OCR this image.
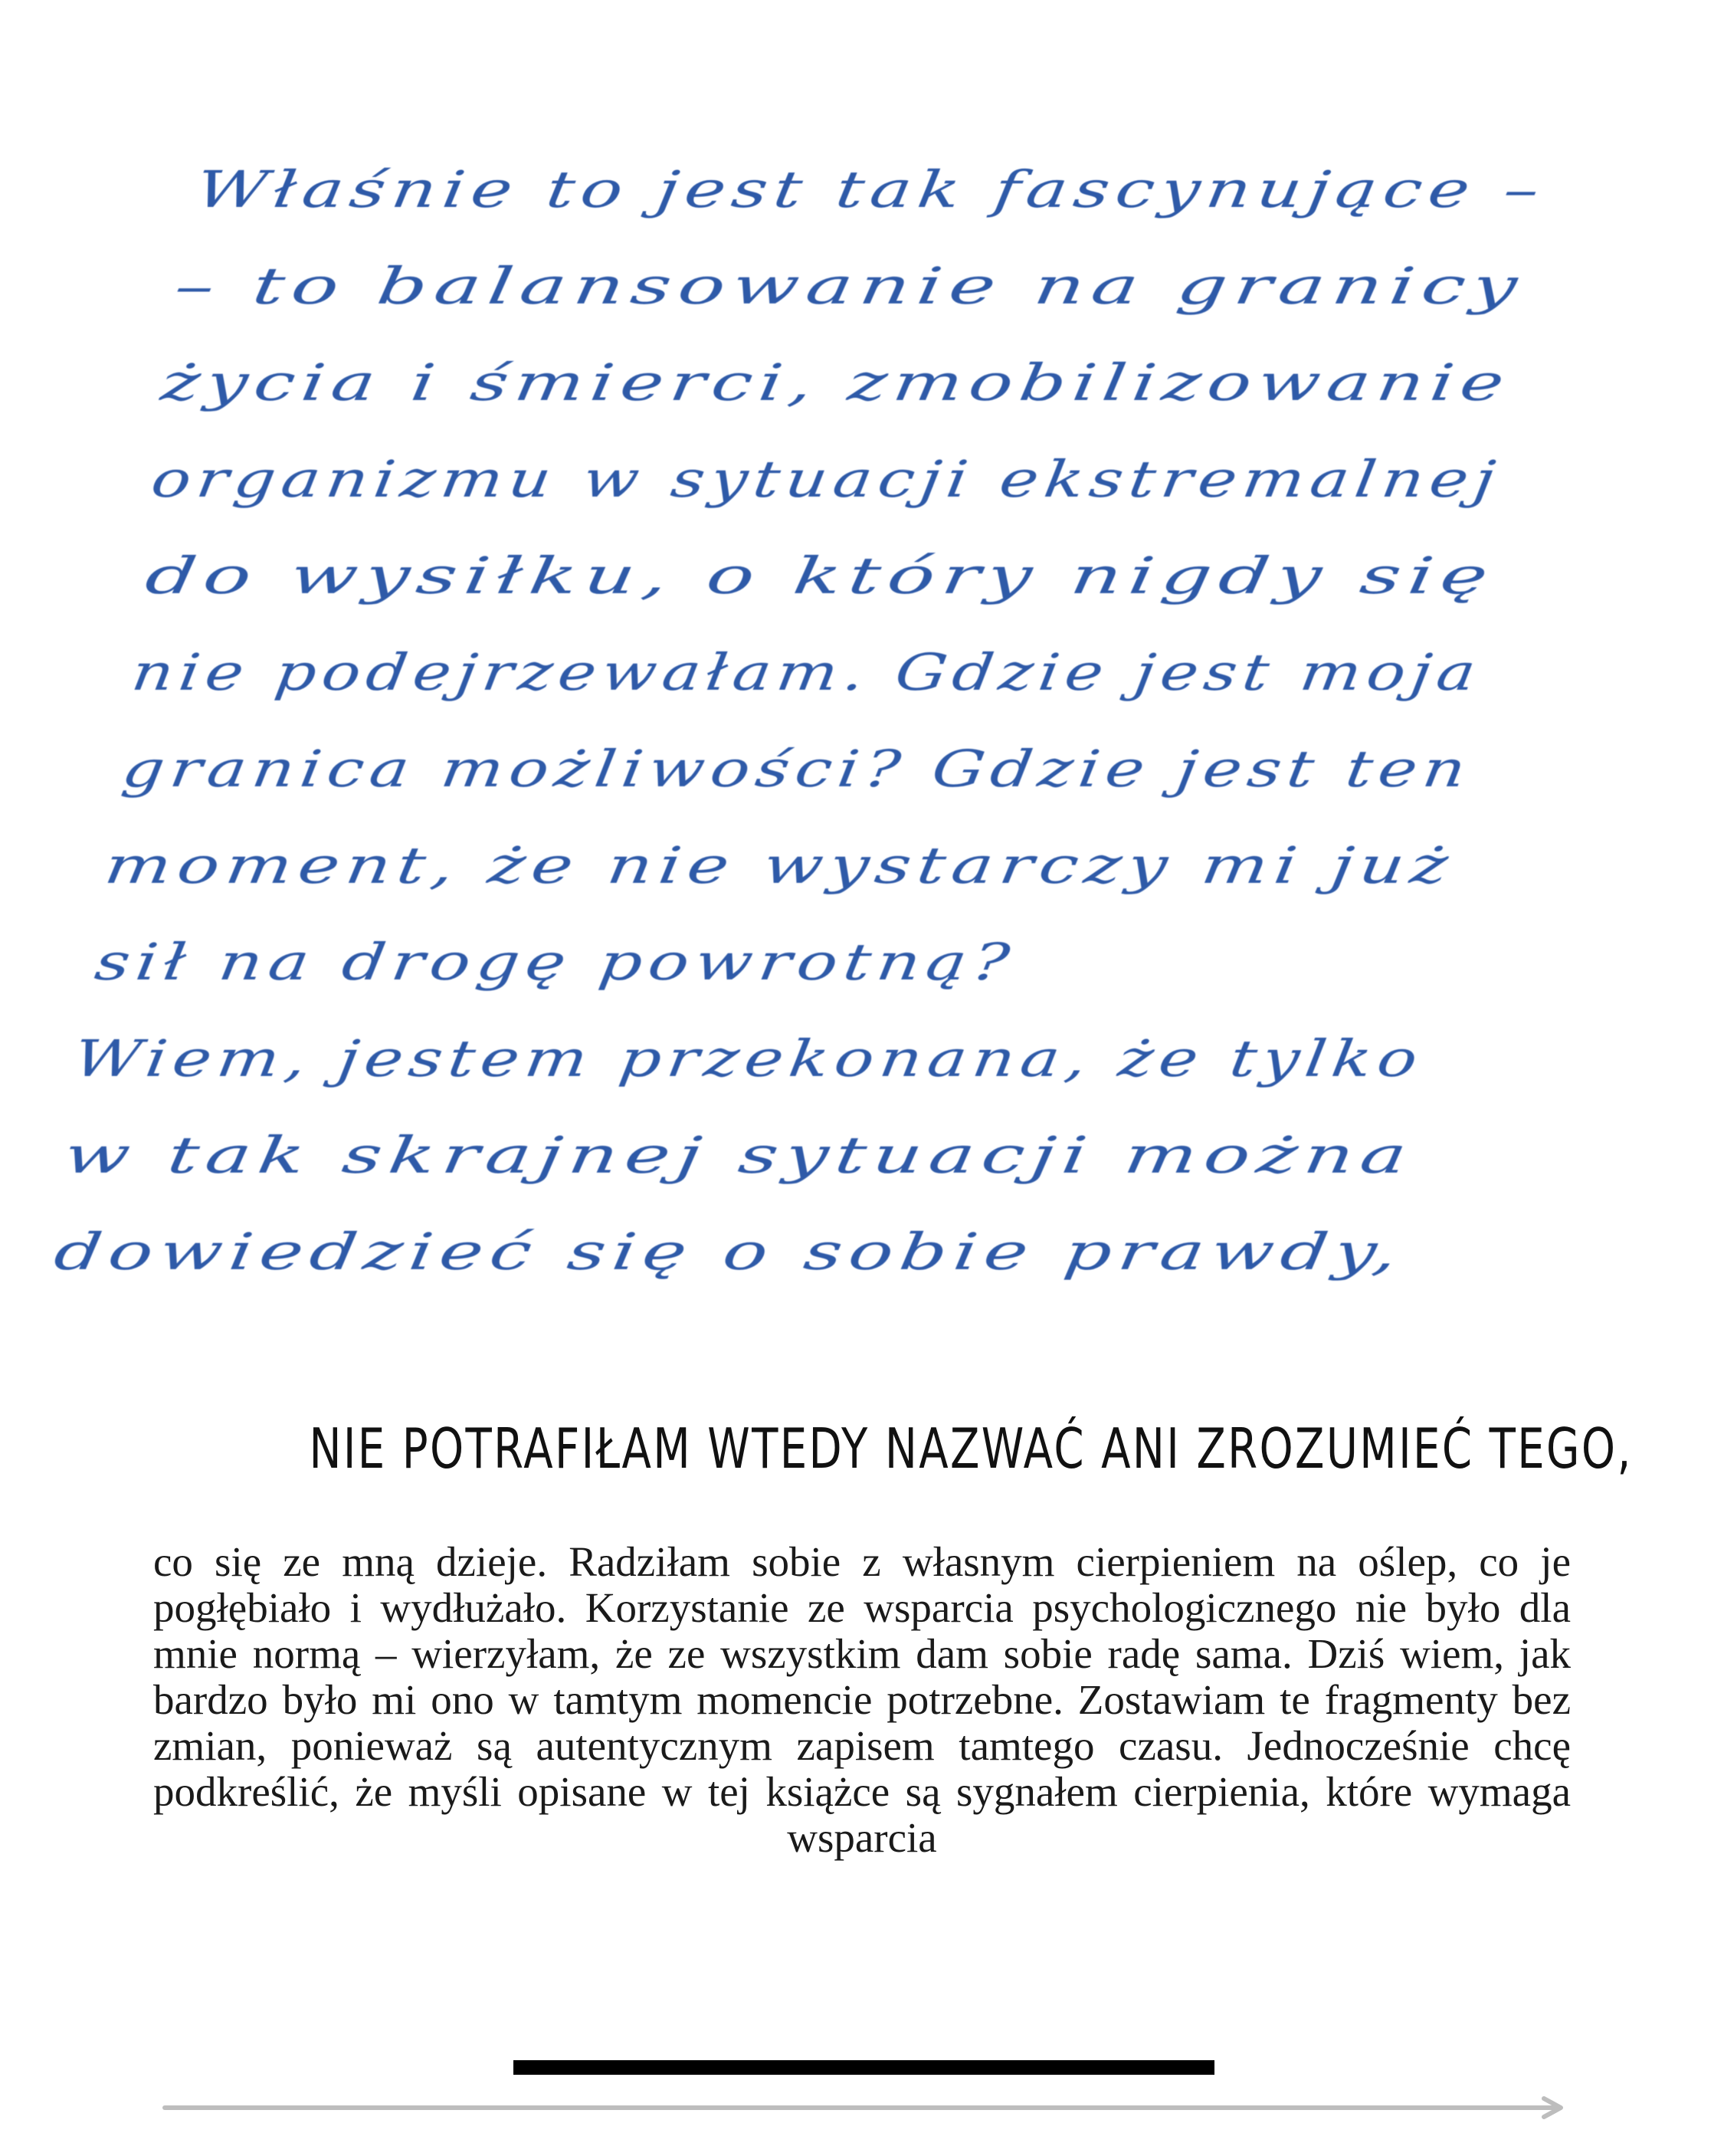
Właśnie to jest tak fascynujące –
– to balansowanie na granicy
życia i śmierci, zmobilizowanie
organizmu w sytuacji ekstremalnej
do wysiłku, o który nigdy się
nie podejrzewałam. Gdzie jest moja
granica możliwości? Gdzie jest ten
moment, że nie wystarczy mi już
sił na drogę powrotną?
Wiem, jestem przekonana, że tylko
w tak skrajnej sytuacji można
dowiedzieć się o sobie prawdy,
NIE POTRAFIŁAM WTEDY NAZWAĆ ANI ZROZUMIEĆ TEGO,

co się ze mną dzieje. Radziłam sobie z własnym cierpieniem na oślep, co je pogłębiało i wydłużało. Korzystanie ze wsparcia psychologicznego nie było dla mnie normą – wierzyłam, że ze wszystkim dam sobie radę sama. Dziś wiem, jak bardzo było mi ono w tamtym momencie potrzebne. Zostawiam te fragmenty bez zmian, ponieważ są autentycznym zapisem tamtego czasu. Jednocześnie chcę podkreślić, że myśli opisane w tej książce są sygnałem cierpienia, które wymaga wsparcia
